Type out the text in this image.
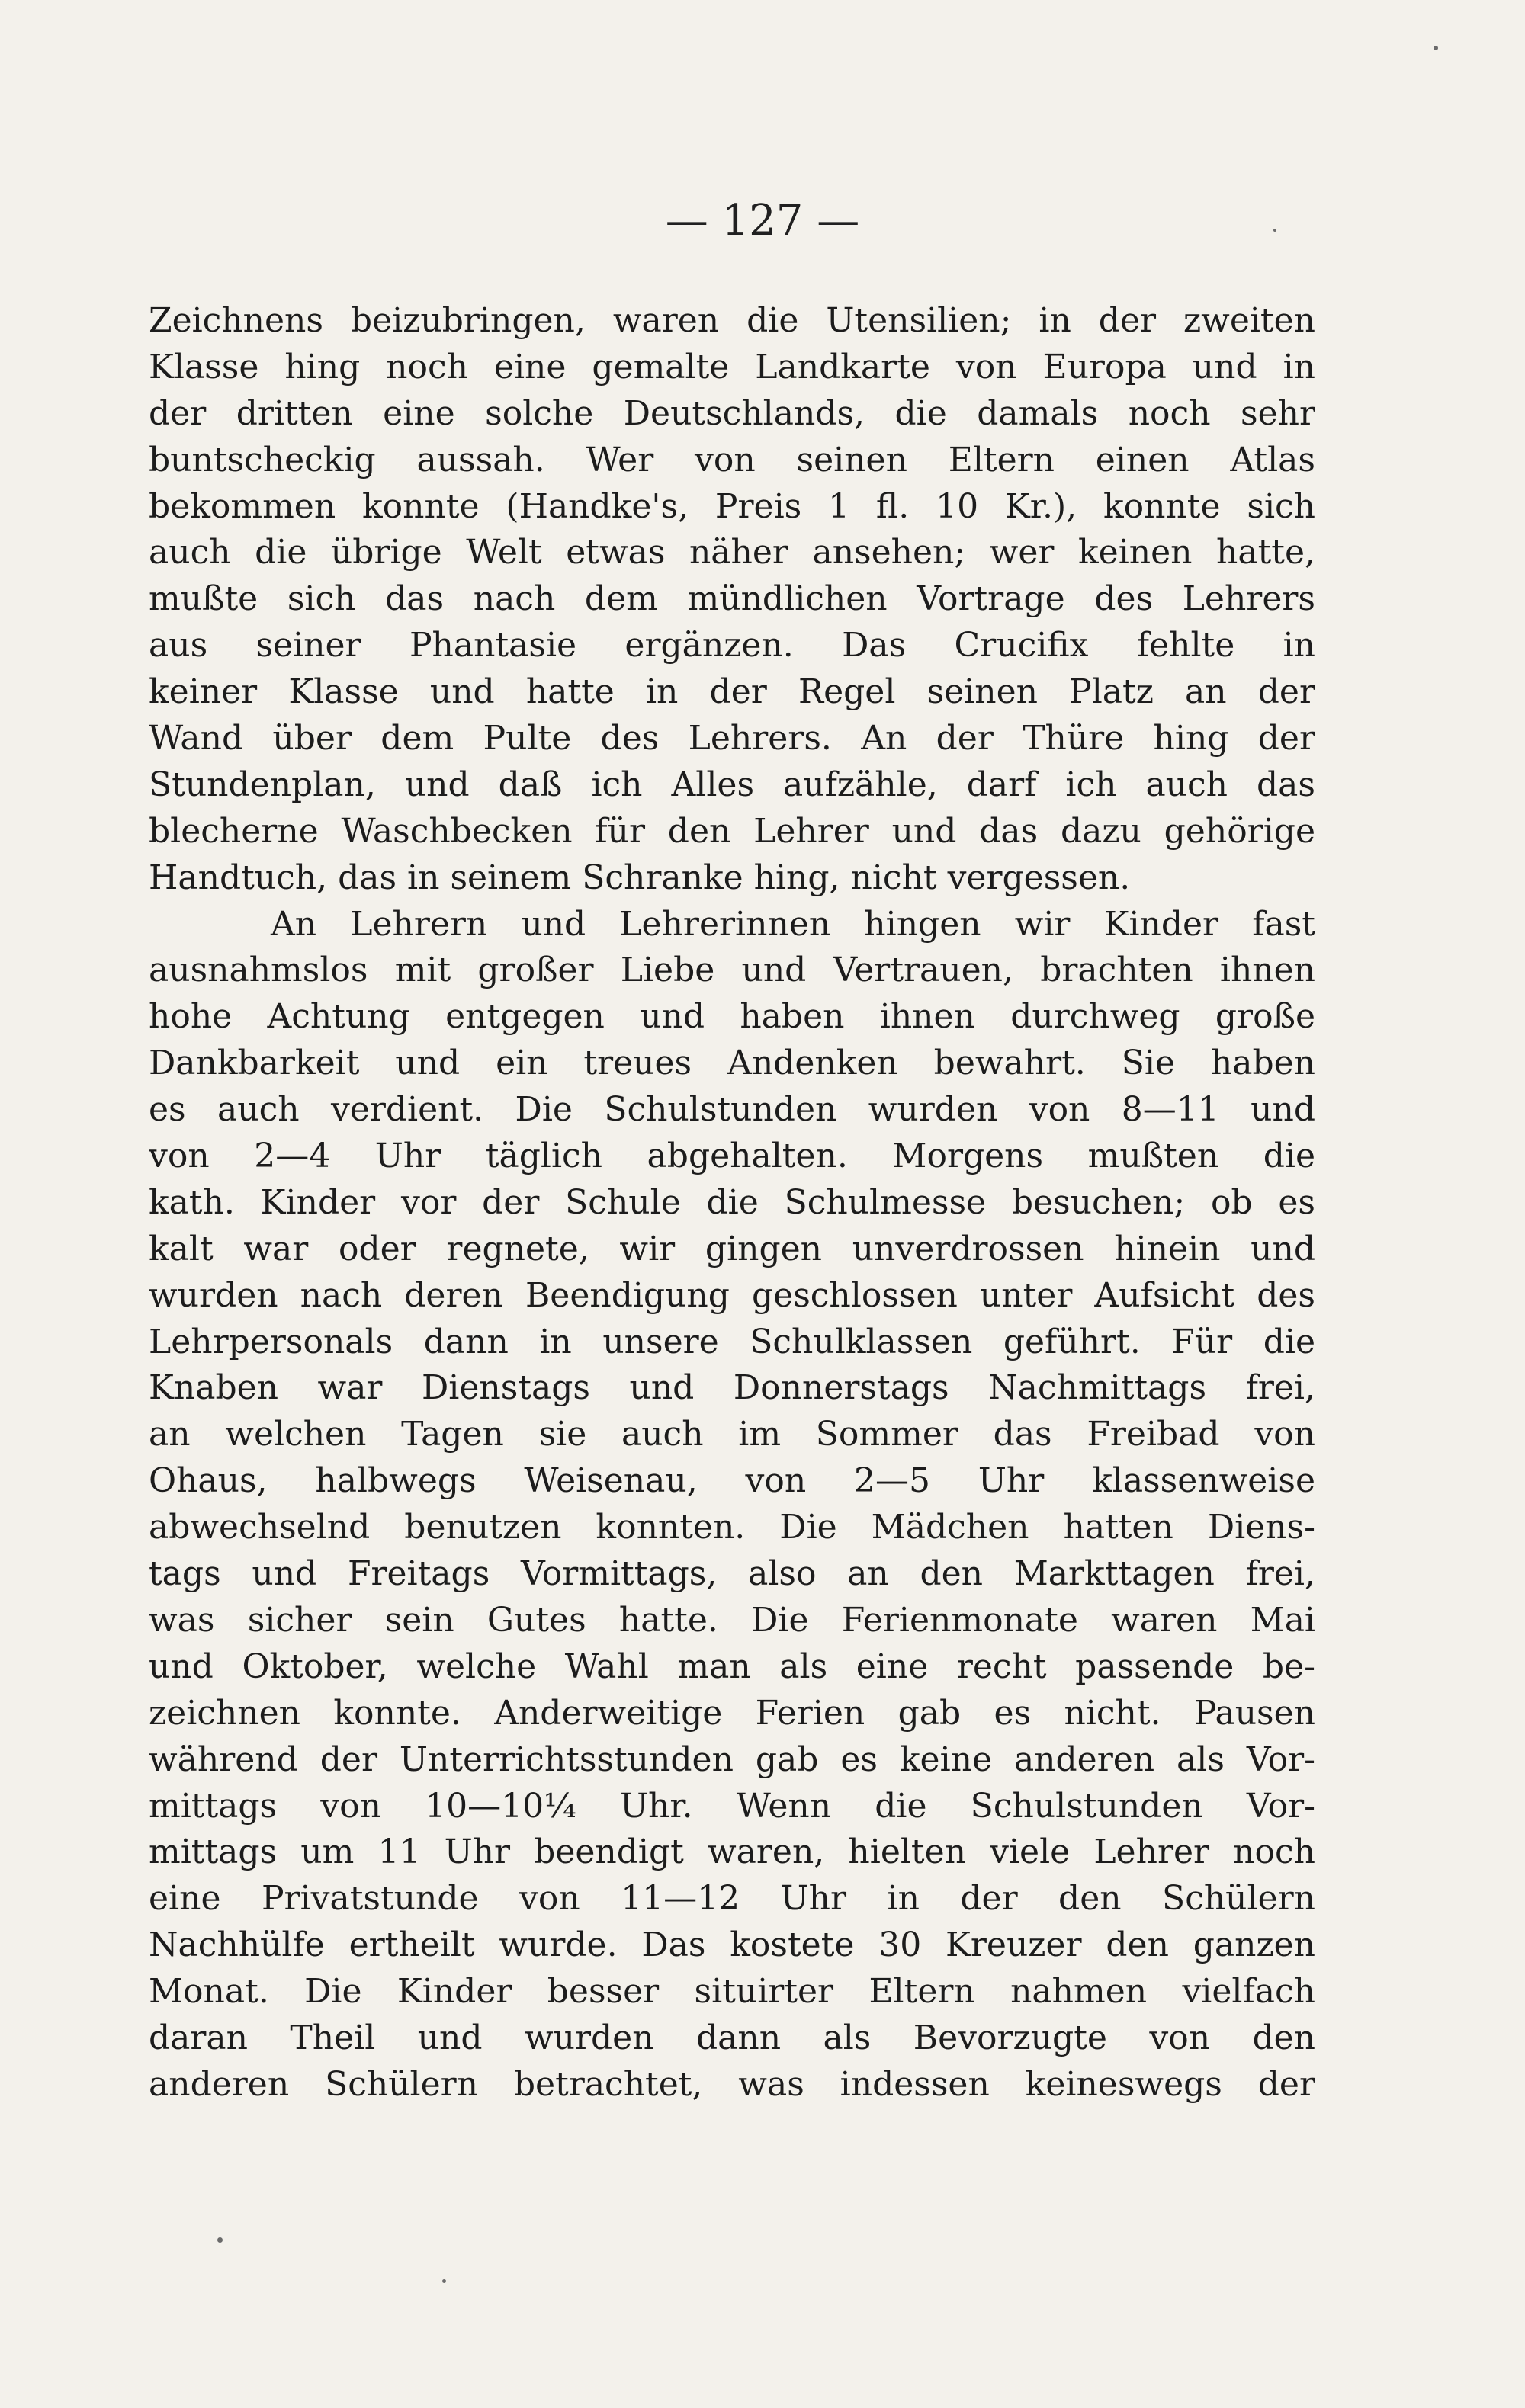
— 127 —
Zeichnens beizubringen, waren die Utensilien; in der zweiten
Klasse hing noch eine gemalte Landkarte von Europa und in
der dritten eine solche Deutschlands, die damals noch sehr
buntscheckig aussah. Wer von seinen Eltern einen Atlas
bekommen konnte (Handke's, Preis 1 fl. 10 Kr.), konnte sich
auch die übrige Welt etwas näher ansehen; wer keinen hatte,
mußte sich das nach dem mündlichen Vortrage des Lehrers
aus seiner Phantasie ergänzen. Das Crucifix fehlte in
keiner Klasse und hatte in der Regel seinen Platz an der
Wand über dem Pulte des Lehrers. An der Thüre hing der
Stundenplan, und daß ich Alles aufzähle, darf ich auch das
blecherne Waschbecken für den Lehrer und das dazu gehörige
Handtuch, das in seinem Schranke hing, nicht vergessen.
An Lehrern und Lehrerinnen hingen wir Kinder fast
ausnahmslos mit großer Liebe und Vertrauen, brachten ihnen
hohe Achtung entgegen und haben ihnen durchweg große
Dankbarkeit und ein treues Andenken bewahrt. Sie haben
es auch verdient. Die Schulstunden wurden von 8—11 und
von 2—4 Uhr täglich abgehalten. Morgens mußten die
kath. Kinder vor der Schule die Schulmesse besuchen; ob es
kalt war oder regnete, wir gingen unverdrossen hinein und
wurden nach deren Beendigung geschlossen unter Aufsicht des
Lehrpersonals dann in unsere Schulklassen geführt. Für die
Knaben war Dienstags und Donnerstags Nachmittags frei,
an welchen Tagen sie auch im Sommer das Freibad von
Ohaus, halbwegs Weisenau, von 2—5 Uhr klassenweise
abwechselnd benutzen konnten. Die Mädchen hatten Diens-
tags und Freitags Vormittags, also an den Markttagen frei,
was sicher sein Gutes hatte. Die Ferienmonate waren Mai
und Oktober, welche Wahl man als eine recht passende be-
zeichnen konnte. Anderweitige Ferien gab es nicht. Pausen
während der Unterrichtsstunden gab es keine anderen als Vor-
mittags von 10—10¼ Uhr. Wenn die Schulstunden Vor-
mittags um 11 Uhr beendigt waren, hielten viele Lehrer noch
eine Privatstunde von 11—12 Uhr in der den Schülern
Nachhülfe ertheilt wurde. Das kostete 30 Kreuzer den ganzen
Monat. Die Kinder besser situirter Eltern nahmen vielfach
daran Theil und wurden dann als Bevorzugte von den
anderen Schülern betrachtet, was indessen keineswegs der
